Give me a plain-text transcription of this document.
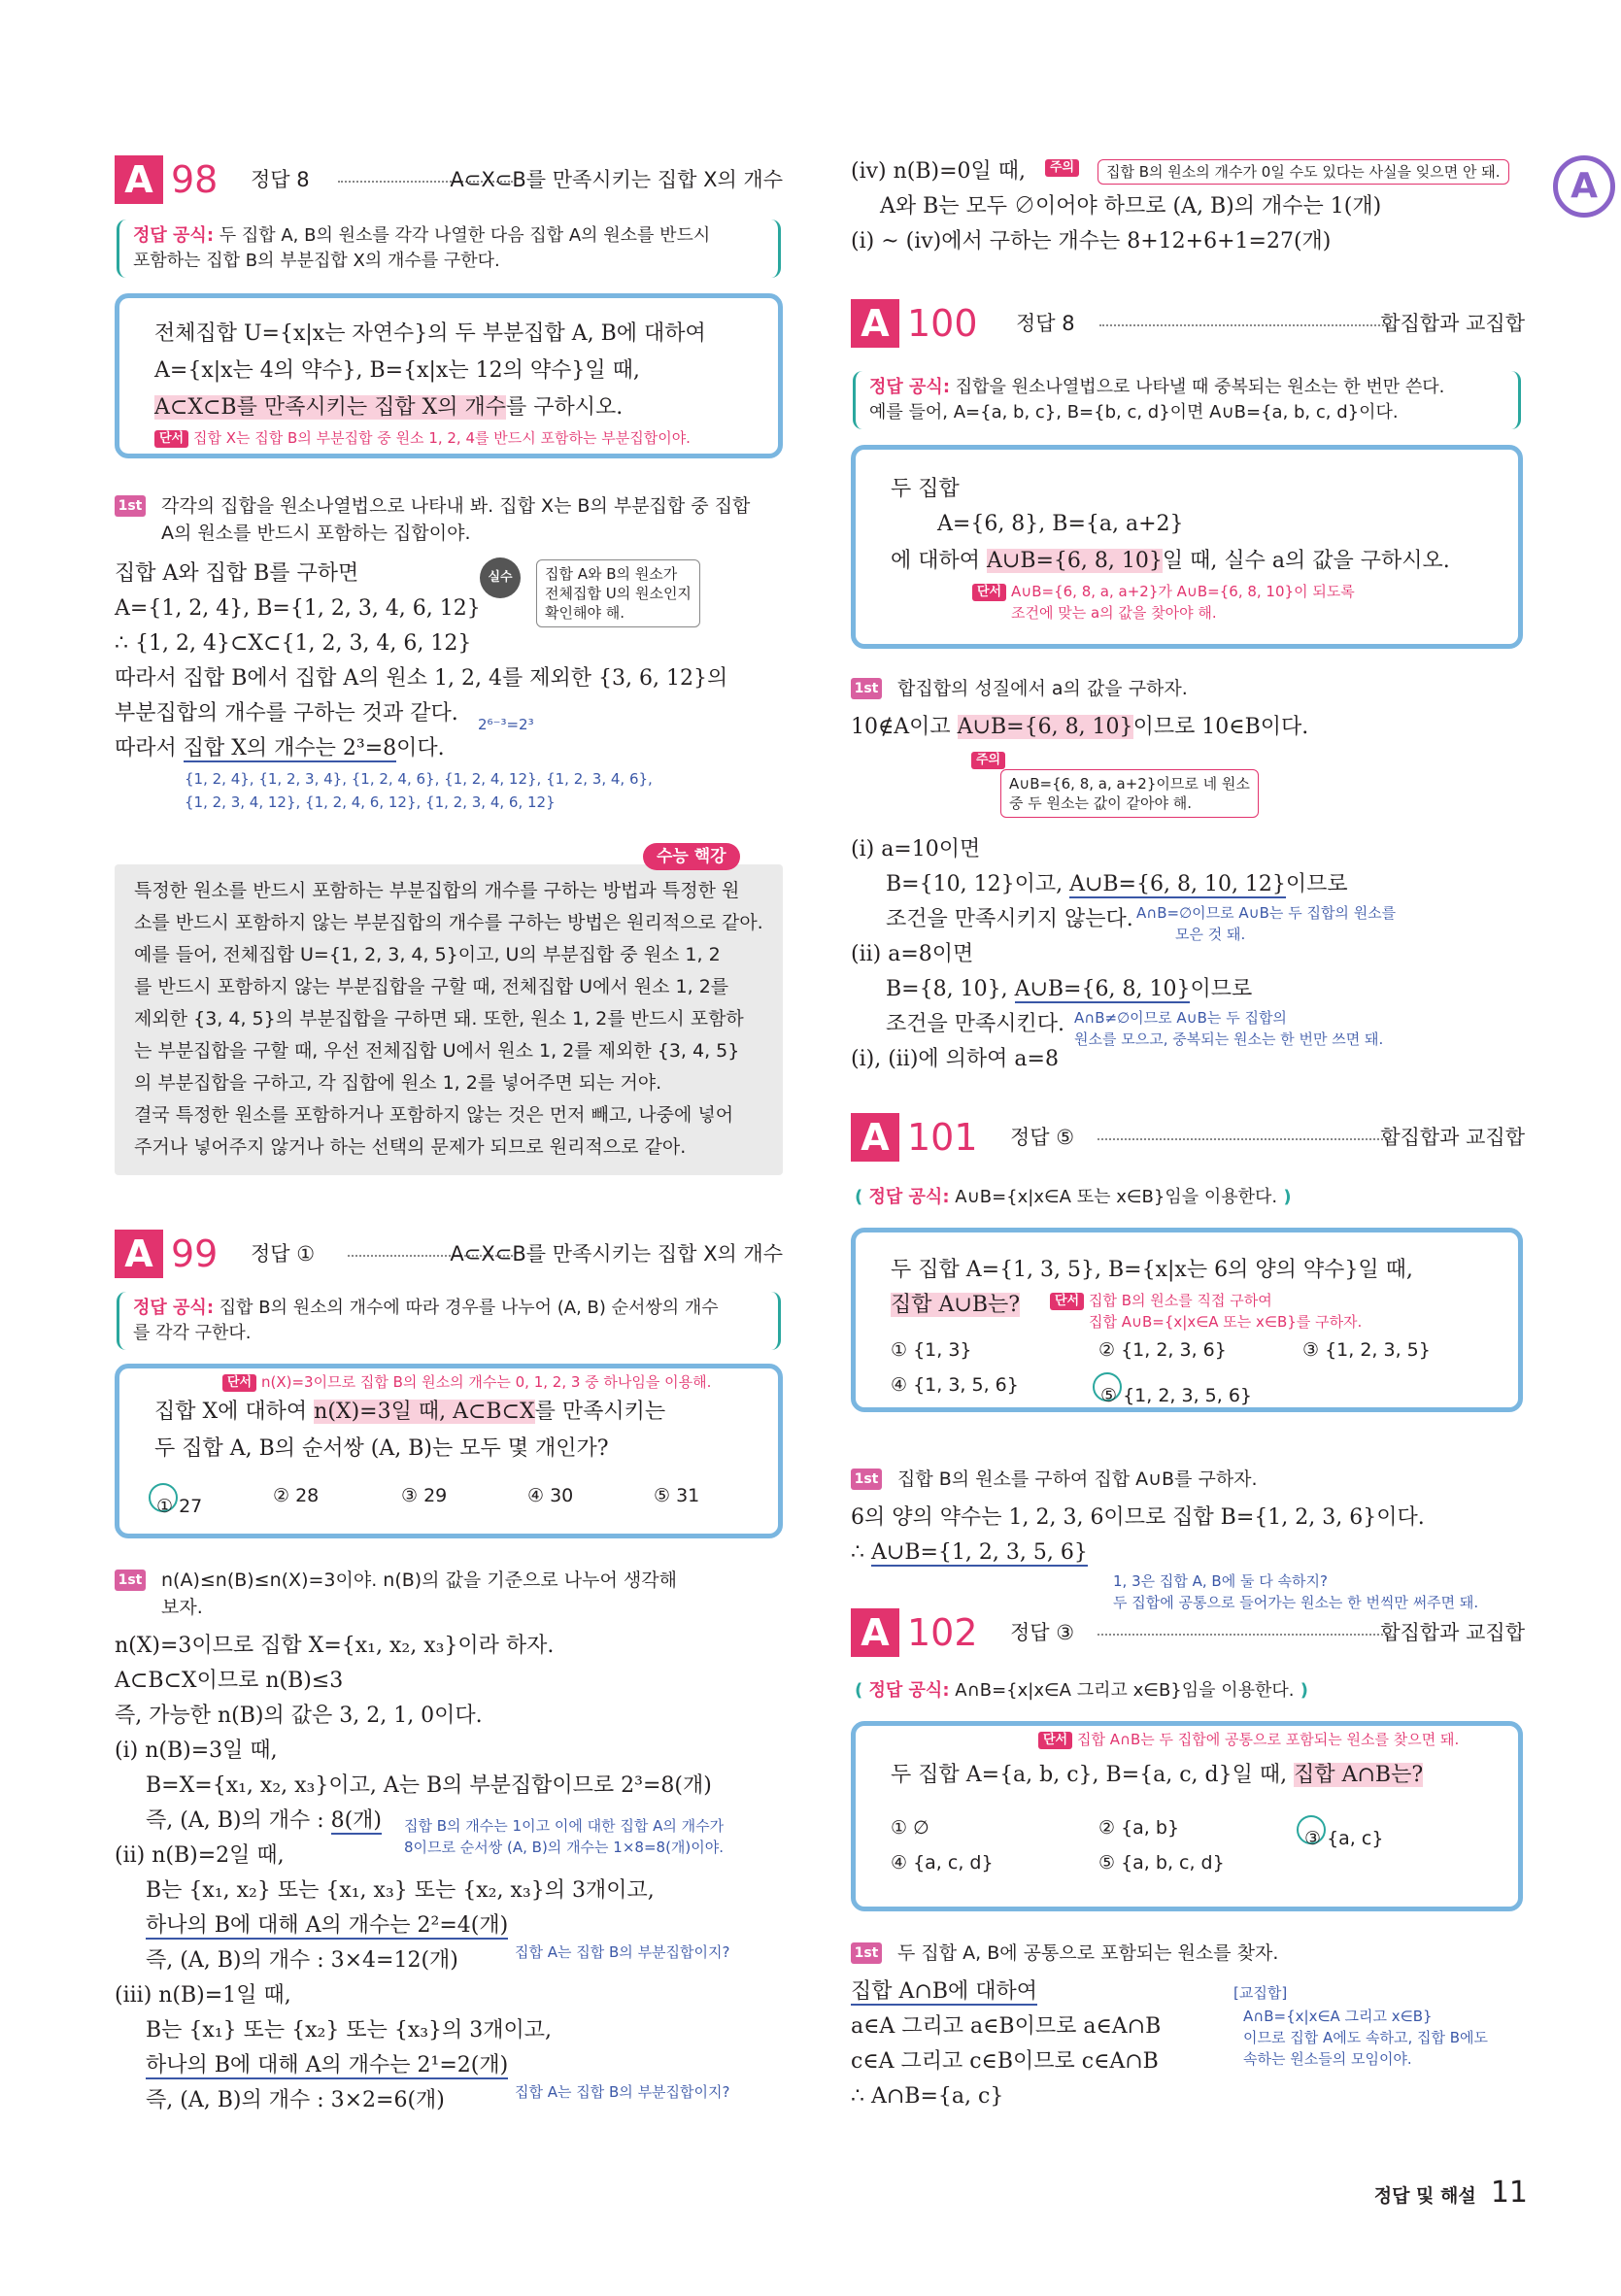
A
A 98 정답 8	A⊂X⊂B를 만족시키는 집합 X의 개수
정답 공식: 두 집합 A, B의 원소를 각각 나열한 다음 집합 A의 원소를 반드시
포함하는 집합 B의 부분집합 X의 개수를 구한다.
전체집합 U={x|x는 자연수}의 두 부분집합 A, B에 대하여
A={x|x는 4의 약수}, B={x|x는 12의 약수}일 때,
A⊂X⊂B를 만족시키는 집합 X의 개수를 구하시오.
단서 집합 X는 집합 B의 부분집합 중 원소 1, 2, 4를 반드시 포함하는 부분집합이야.
1st 각각의 집합을 원소나열법으로 나타내 봐. 집합 X는 B의 부분집합 중 집합
A의 원소를 반드시 포함하는 집합이야.
집합 A와 집합 B를 구하면
A={1, 2, 4}, B={1, 2, 3, 4, 6, 12}
∴ {1, 2, 4}⊂X⊂{1, 2, 3, 4, 6, 12}
따라서 집합 B에서 집합 A의 원소 1, 2, 4를 제외한 {3, 6, 12}의
부분집합의 개수를 구하는 것과 같다. 2⁶⁻³=2³
따라서 집합 X의 개수는 2³=8이다.
{1, 2, 4}, {1, 2, 3, 4}, {1, 2, 4, 6}, {1, 2, 4, 12}, {1, 2, 3, 4, 6},
{1, 2, 3, 4, 12}, {1, 2, 4, 6, 12}, {1, 2, 3, 4, 6, 12}
실수	집합 A와 B의 원소가
전체집합 U의 원소인지
확인해야 해.
특정한 원소를 반드시 포함하는 부분집합의 개수를 구하는 방법과 특정한 원
소를 반드시 포함하지 않는 부분집합의 개수를 구하는 방법은 원리적으로 같아.
예를 들어, 전체집합 U={1, 2, 3, 4, 5}이고, U의 부분집합 중 원소 1, 2
를 반드시 포함하지 않는 부분집합을 구할 때, 전체집합 U에서 원소 1, 2를
제외한 {3, 4, 5}의 부분집합을 구하면 돼. 또한, 원소 1, 2를 반드시 포함하
는 부분집합을 구할 때, 우선 전체집합 U에서 원소 1, 2를 제외한 {3, 4, 5}
의 부분집합을 구하고, 각 집합에 원소 1, 2를 넣어주면 되는 거야.
결국 특정한 원소를 포함하거나 포함하지 않는 것은 먼저 빼고, 나중에 넣어
주거나 넣어주지 않거나 하는 선택의 문제가 되므로 원리적으로 같아.
수능 핵강
A 99 정답 ①	A⊂X⊂B를 만족시키는 집합 X의 개수
정답 공식: 집합 B의 원소의 개수에 따라 경우를 나누어 (A, B) 순서쌍의 개수
를 각각 구한다.
단서 n(X)=3이므로 집합 B의 원소의 개수는 0, 1, 2, 3 중 하나임을 이용해.
집합 X에 대하여 n(X)=3일 때, A⊂B⊂X를 만족시키는
두 집합 A, B의 순서쌍 (A, B)는 모두 몇 개인가?
① 27	② 28	③ 29	④ 30	⑤ 31
1st n(A)≤n(B)≤n(X)=3이야. n(B)의 값을 기준으로 나누어 생각해
보자.
n(X)=3이므로 집합 X={x₁, x₂, x₃}이라 하자.
A⊂B⊂X이므로 n(B)≤3
즉, 가능한 n(B)의 값은 3, 2, 1, 0이다.
(i) n(B)=3일 때,
B=X={x₁, x₂, x₃}이고, A는 B의 부분집합이므로 2³=8(개)
즉, (A, B)의 개수 : 8(개) 집합 B의 개수는 1이고 이에 대한 집합 A의 개수가
8이므로 순서쌍 (A, B)의 개수는 1×8=8(개)이야.
(ii) n(B)=2일 때,
B는 {x₁, x₂} 또는 {x₁, x₃} 또는 {x₂, x₃}의 3개이고,
하나의 B에 대해 A의 개수는 2²=4(개)
즉, (A, B)의 개수 : 3×4=12(개)	집합 A는 집합 B의 부분집합이지?
(iii) n(B)=1일 때,
B는 {x₁} 또는 {x₂} 또는 {x₃}의 3개이고,
하나의 B에 대해 A의 개수는 2¹=2(개)
즉, (A, B)의 개수 : 3×2=6(개)	집합 A는 집합 B의 부분집합이지?
(iv) n(B)=0일 때,	주의	집합 B의 원소의 개수가 0일 수도 있다는 사실을 잊으면 안 돼.
A와 B는 모두 ∅이어야 하므로 (A, B)의 개수는 1(개)
(i) ~ (iv)에서 구하는 개수는 8+12+6+1=27(개)
A 100 정답 8	합집합과 교집합
정답 공식: 집합을 원소나열법으로 나타낼 때 중복되는 원소는 한 번만 쓴다.
예를 들어, A={a, b, c}, B={b, c, d}이면 A∪B={a, b, c, d}이다.
두 집합
A={6, 8}, B={a, a+2}
에 대하여 A∪B={6, 8, 10}일 때, 실수 a의 값을 구하시오.
단서 A∪B={6, 8, a, a+2}가 A∪B={6, 8, 10}이 되도록
조건에 맞는 a의 값을 찾아야 해.
1st 합집합의 성질에서 a의 값을 구하자.
10∉A이고 A∪B={6, 8, 10}이므로 10∈B이다.
주의
A∪B={6, 8, a, a+2}이므로 네 원소
중 두 원소는 값이 같아야 해.
(i) a=10이면
B={10, 12}이고, A∪B={6, 8, 10, 12}이므로
조건을 만족시키지 않는다. A∩B=∅이므로 A∪B는 두 집합의 원소를
모은 것 돼.
(ii) a=8이면
B={8, 10}, A∪B={6, 8, 10}이므로
조건을 만족시킨다. A∩B≠∅이므로 A∪B는 두 집합의
원소를 모으고, 중복되는 원소는 한 번만 쓰면 돼.
(i), (ii)에 의하여 a=8
A 101 정답 ⑤	합집합과 교집합
( 정답 공식: A∪B={x|x∈A 또는 x∈B}임을 이용한다. )
두 집합 A={1, 3, 5}, B={x|x는 6의 양의 약수}일 때,
집합 A∪B는?	단서 집합 B의 원소를 직접 구하여
집합 A∪B={x|x∈A 또는 x∈B}를 구하자.
① {1, 3}	② {1, 2, 3, 6}	③ {1, 2, 3, 5}
④ {1, 3, 5, 6}	⑤ {1, 2, 3, 5, 6}
1st 집합 B의 원소를 구하여 집합 A∪B를 구하자.
6의 양의 약수는 1, 2, 3, 6이므로 집합 B={1, 2, 3, 6}이다.
∴ A∪B={1, 2, 3, 5, 6}
1, 3은 집합 A, B에 둘 다 속하지?
두 집합에 공통으로 들어가는 원소는 한 번씩만 써주면 돼.
A 102 정답 ③	합집합과 교집합
( 정답 공식: A∩B={x|x∈A 그리고 x∈B}임을 이용한다. )
단서 집합 A∩B는 두 집합에 공통으로 포함되는 원소를 찾으면 돼.
두 집합 A={a, b, c}, B={a, c, d}일 때, 집합 A∩B는?
① ∅	② {a, b}	③ {a, c}
④ {a, c, d}	⑤ {a, b, c, d}
1st 두 집합 A, B에 공통으로 포함되는 원소를 찾자.
집합 A∩B에 대하여
a∈A 그리고 a∈B이므로 a∈A∩B
c∈A 그리고 c∈B이므로 c∈A∩B
∴ A∩B={a, c}
[교집합]
A∩B={x|x∈A 그리고 x∈B}
이므로 집합 A에도 속하고, 집합 B에도
속하는 원소들의 모임이야.
정답 및 해설 11
